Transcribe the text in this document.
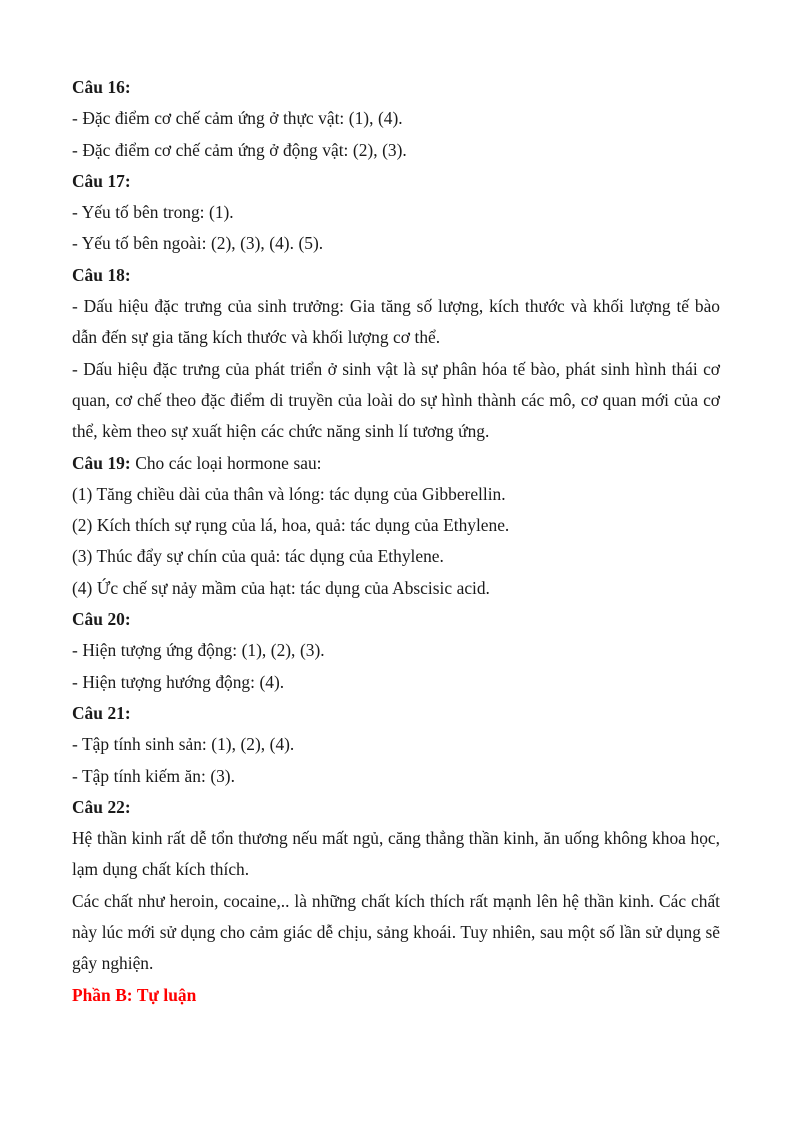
Câu 16:

- Đặc điểm cơ chế cảm ứng ở thực vật: (1), (4).

- Đặc điểm cơ chế cảm ứng ở động vật: (2), (3).

Câu 17:

- Yếu tố bên trong: (1).

- Yếu tố bên ngoài: (2), (3), (4). (5).

Câu 18:

- Dấu hiệu đặc trưng của sinh trưởng: Gia tăng số lượng, kích thước và khối lượng tế bào dẫn đến sự gia tăng kích thước và khối lượng cơ thể.

- Dấu hiệu đặc trưng của phát triển ở sinh vật là sự phân hóa tế bào, phát sinh hình thái cơ quan, cơ chế theo đặc điểm di truyền của loài do sự hình thành các mô, cơ quan mới của cơ thể, kèm theo sự xuất hiện các chức năng sinh lí tương ứng.

Câu 19: Cho các loại hormone sau:

(1) Tăng chiều dài của thân và lóng: tác dụng của Gibberellin.

(2) Kích thích sự rụng của lá, hoa, quả: tác dụng của Ethylene.

(3) Thúc đẩy sự chín của quả: tác dụng của Ethylene.

(4) Ức chế sự nảy mầm của hạt: tác dụng của Abscisic acid.

Câu 20:

- Hiện tượng ứng động: (1), (2), (3).

- Hiện tượng hướng động: (4).

Câu 21:

- Tập tính sinh sản: (1), (2), (4).

- Tập tính kiếm ăn: (3).

Câu 22:

Hệ thần kinh rất dễ tổn thương nếu mất ngủ, căng thẳng thần kinh, ăn uống không khoa học, lạm dụng chất kích thích.

Các chất như heroin, cocaine,.. là những chất kích thích rất mạnh lên hệ thần kinh. Các chất này lúc mới sử dụng cho cảm giác dễ chịu, sảng khoái. Tuy nhiên, sau một số lần sử dụng sẽ gây nghiện.

Phần B: Tự luận
